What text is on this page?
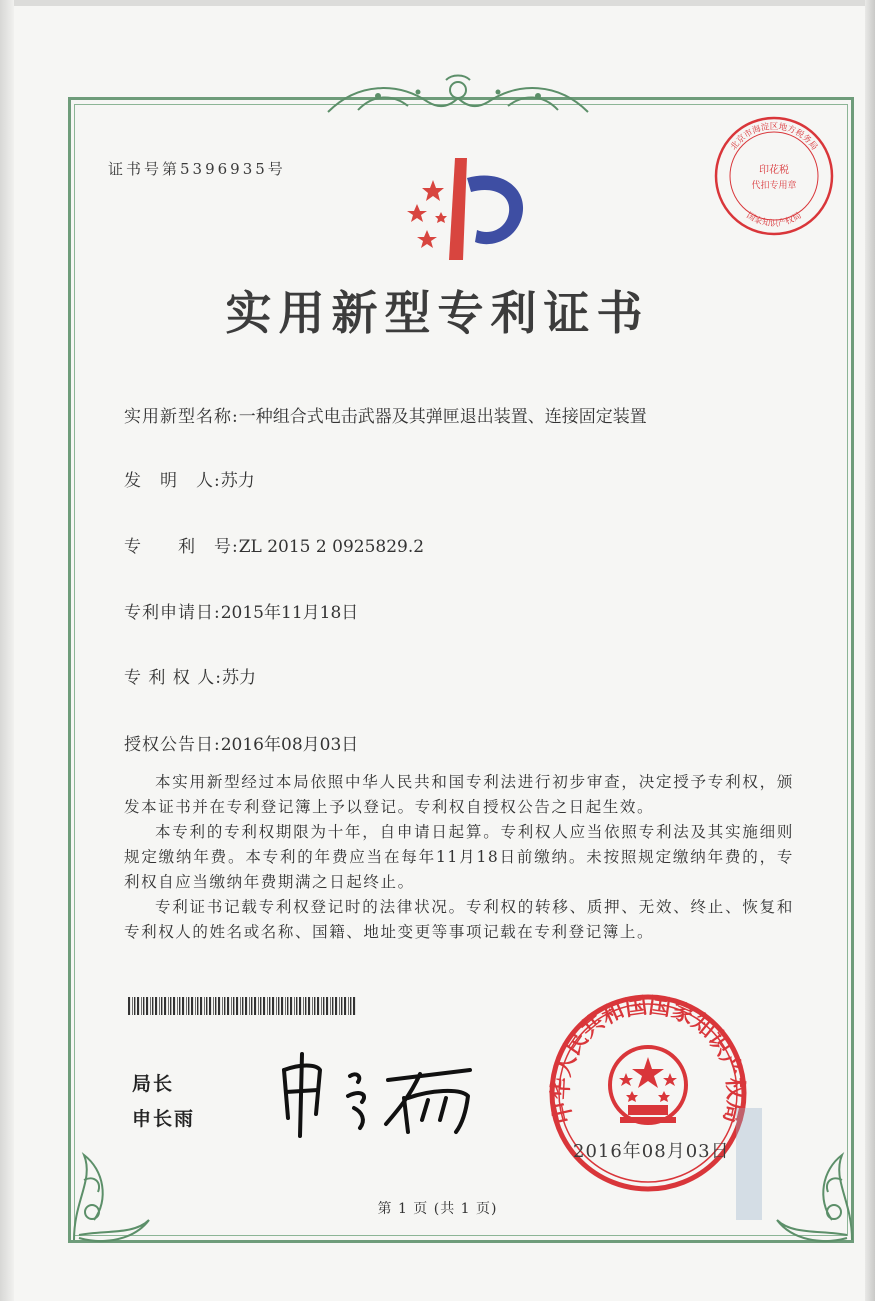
证书号第5396935号
北京市海淀区地方税务局
国家知识产权局
印花税
代扣专用章
实用新型专利证书
实用新型名称:一种组合式电击武器及其弹匣退出装置、连接固定装置
发　明　人:苏力
专　　利　号:ZL 2015 2 0925829.2
专利申请日:2015年11月18日
专 利 权 人:苏力
授权公告日:2016年08月03日

本实用新型经过本局依照中华人民共和国专利法进行初步审查，决定授予专利权，颁发本证书并在专利登记簿上予以登记。专利权自授权公告之日起生效。

本专利的专利权期限为十年，自申请日起算。专利权人应当依照专利法及其实施细则规定缴纳年费。本专利的年费应当在每年11月18日前缴纳。未按照规定缴纳年费的，专利权自应当缴纳年费期满之日起终止。

专利证书记载专利权登记时的法律状况。专利权的转移、质押、无效、终止、恢复和专利权人的姓名或名称、国籍、地址变更等事项记载在专利登记簿上。

局长
申长雨	中华人民共和国国家知识产权局
2016年08月03日
第 1 页 (共 1 页)
